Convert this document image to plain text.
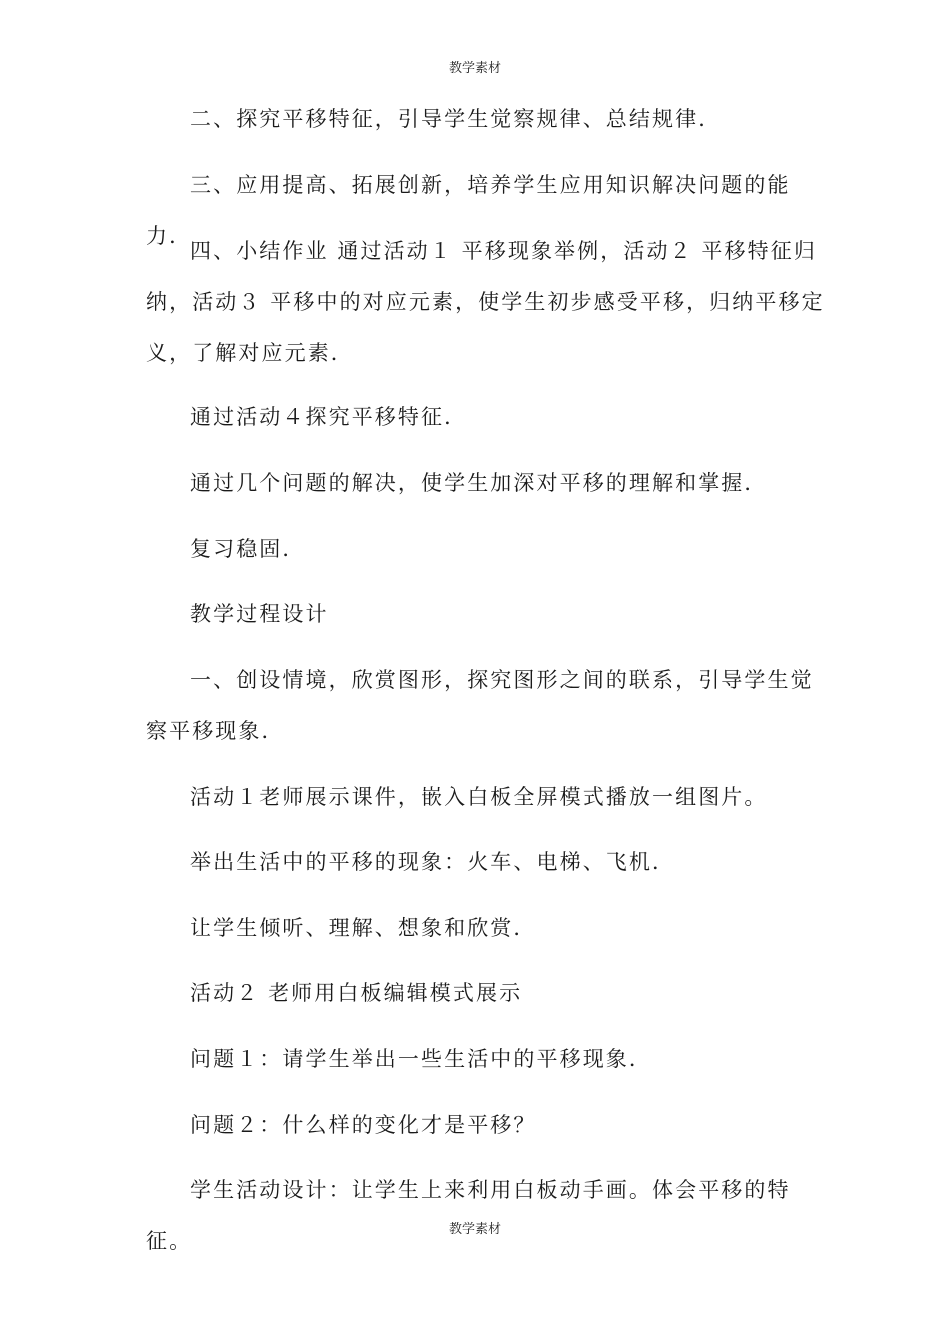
教学素材

二、探究平移特征，引导学生觉察规律、总结规律．

三、应用提高、拓展创新，培养学生应用知识解决问题的能力．

四、小结作业 通过活动１ 平移现象举例，活动２ 平移特征归纳，活动３ 平移中的对应元素，使学生初步感受平移，归纳平移定义，了解对应元素．

通过活动４探究平移特征．

通过几个问题的解决，使学生加深对平移的理解和掌握．

复习稳固．

教学过程设计

一、创设情境，欣赏图形，探究图形之间的联系，引导学生觉察平移现象．

活动１老师展示课件，嵌入白板全屏模式播放一组图片。

举出生活中的平移的现象：火车、电梯、飞机．

让学生倾听、理解、想象和欣赏．

活动２ 老师用白板编辑模式展示

问题１：请学生举出一些生活中的平移现象．

问题２：什么样的变化才是平移？

学生活动设计：让学生上来利用白板动手画。体会平移的特征。	教学素材
